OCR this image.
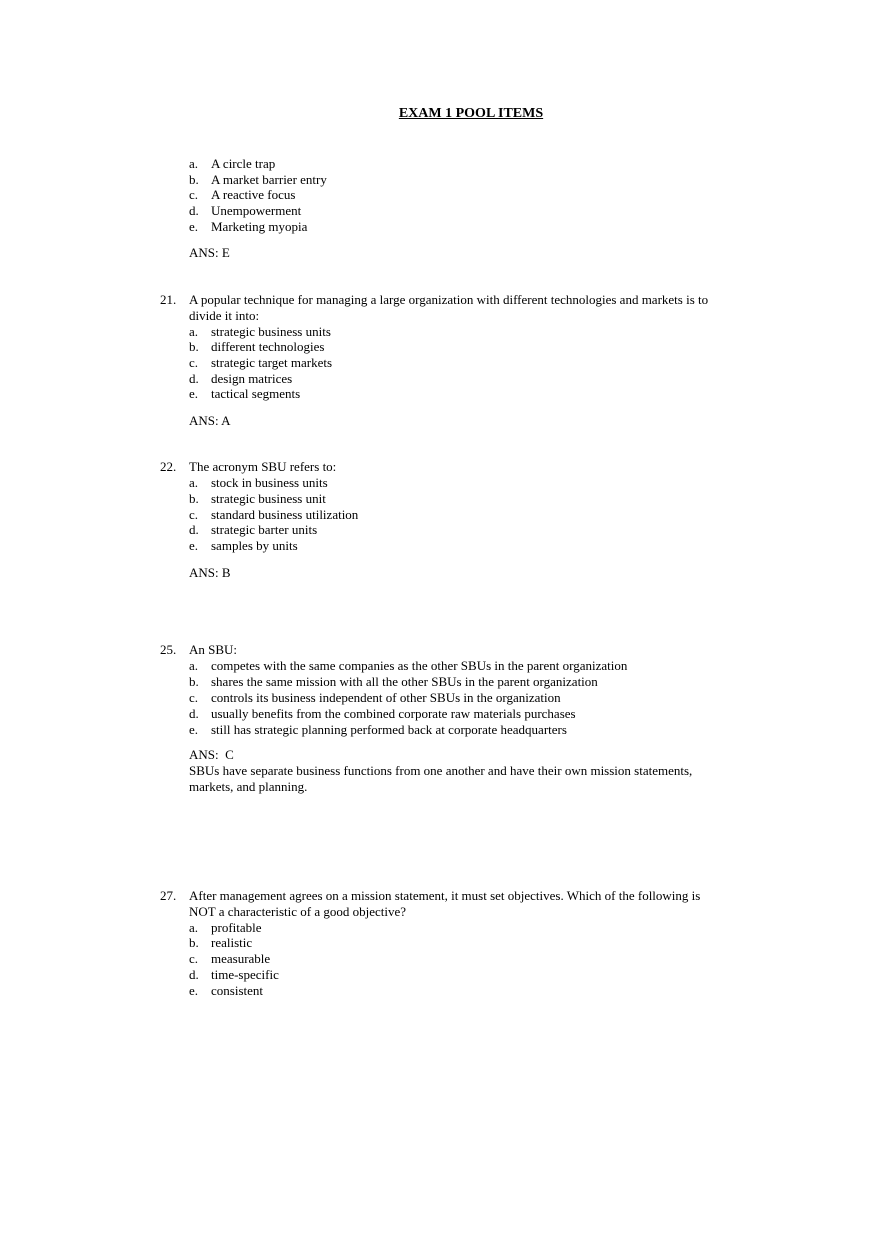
EXAM 1 POOL ITEMS
a. A circle trap
b. A market barrier entry
c. A reactive focus
d. Unempowerment
e. Marketing myopia
ANS: E
21. A popular technique for managing a large organization with different technologies and markets is to
divide it into:
a. strategic business units
b. different technologies
c. strategic target markets
d. design matrices
e. tactical segments
ANS: A
22. The acronym SBU refers to:
a. stock in business units
b. strategic business unit
c. standard business utilization
d. strategic barter units
e. samples by units
ANS: B
25. An SBU:
a. competes with the same companies as the other SBUs in the parent organization
b. shares the same mission with all the other SBUs in the parent organization
c. controls its business independent of other SBUs in the organization
d. usually benefits from the combined corporate raw materials purchases
e. still has strategic planning performed back at corporate headquarters
ANS:  C
SBUs have separate business functions from one another and have their own mission statements,
markets, and planning.
27. After management agrees on a mission statement, it must set objectives. Which of the following is
NOT a characteristic of a good objective?
a. profitable
b. realistic
c. measurable
d. time-specific
e. consistent
